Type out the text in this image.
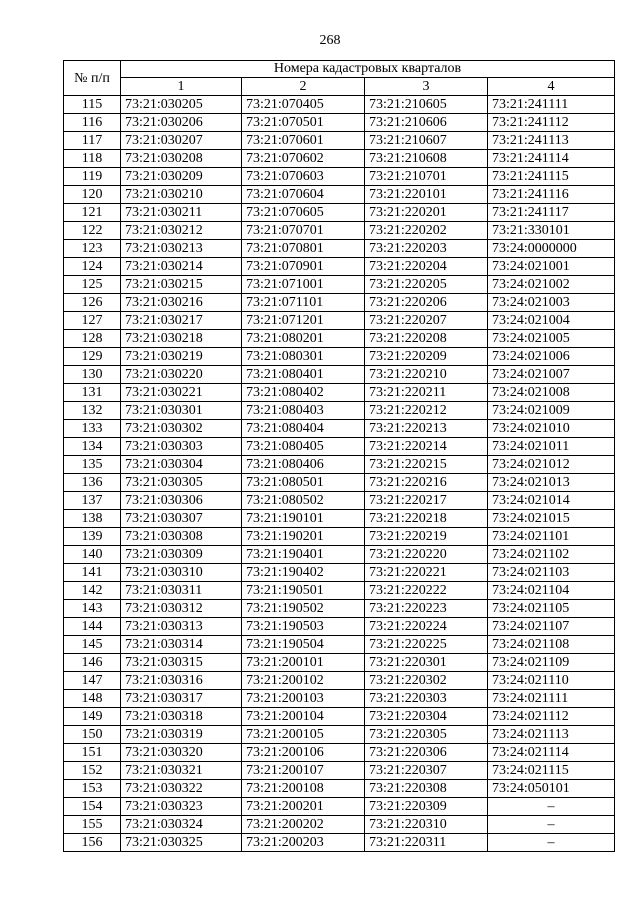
268
№ п/п	Номера кадастровых кварталов			
	1	2	3	4
115	73:21:030205	73:21:070405	73:21:210605	73:21:241111
116	73:21:030206	73:21:070501	73:21:210606	73:21:241112
117	73:21:030207	73:21:070601	73:21:210607	73:21:241113
118	73:21:030208	73:21:070602	73:21:210608	73:21:241114
119	73:21:030209	73:21:070603	73:21:210701	73:21:241115
120	73:21:030210	73:21:070604	73:21:220101	73:21:241116
121	73:21:030211	73:21:070605	73:21:220201	73:21:241117
122	73:21:030212	73:21:070701	73:21:220202	73:21:330101
123	73:21:030213	73:21:070801	73:21:220203	73:24:0000000
124	73:21:030214	73:21:070901	73:21:220204	73:24:021001
125	73:21:030215	73:21:071001	73:21:220205	73:24:021002
126	73:21:030216	73:21:071101	73:21:220206	73:24:021003
127	73:21:030217	73:21:071201	73:21:220207	73:24:021004
128	73:21:030218	73:21:080201	73:21:220208	73:24:021005
129	73:21:030219	73:21:080301	73:21:220209	73:24:021006
130	73:21:030220	73:21:080401	73:21:220210	73:24:021007
131	73:21:030221	73:21:080402	73:21:220211	73:24:021008
132	73:21:030301	73:21:080403	73:21:220212	73:24:021009
133	73:21:030302	73:21:080404	73:21:220213	73:24:021010
134	73:21:030303	73:21:080405	73:21:220214	73:24:021011
135	73:21:030304	73:21:080406	73:21:220215	73:24:021012
136	73:21:030305	73:21:080501	73:21:220216	73:24:021013
137	73:21:030306	73:21:080502	73:21:220217	73:24:021014
138	73:21:030307	73:21:190101	73:21:220218	73:24:021015
139	73:21:030308	73:21:190201	73:21:220219	73:24:021101
140	73:21:030309	73:21:190401	73:21:220220	73:24:021102
141	73:21:030310	73:21:190402	73:21:220221	73:24:021103
142	73:21:030311	73:21:190501	73:21:220222	73:24:021104
143	73:21:030312	73:21:190502	73:21:220223	73:24:021105
144	73:21:030313	73:21:190503	73:21:220224	73:24:021107
145	73:21:030314	73:21:190504	73:21:220225	73:24:021108
146	73:21:030315	73:21:200101	73:21:220301	73:24:021109
147	73:21:030316	73:21:200102	73:21:220302	73:24:021110
148	73:21:030317	73:21:200103	73:21:220303	73:24:021111
149	73:21:030318	73:21:200104	73:21:220304	73:24:021112
150	73:21:030319	73:21:200105	73:21:220305	73:24:021113
151	73:21:030320	73:21:200106	73:21:220306	73:24:021114
152	73:21:030321	73:21:200107	73:21:220307	73:24:021115
153	73:21:030322	73:21:200108	73:21:220308	73:24:050101
154	73:21:030323	73:21:200201	73:21:220309	–
155	73:21:030324	73:21:200202	73:21:220310	–
156	73:21:030325	73:21:200203	73:21:220311	–
